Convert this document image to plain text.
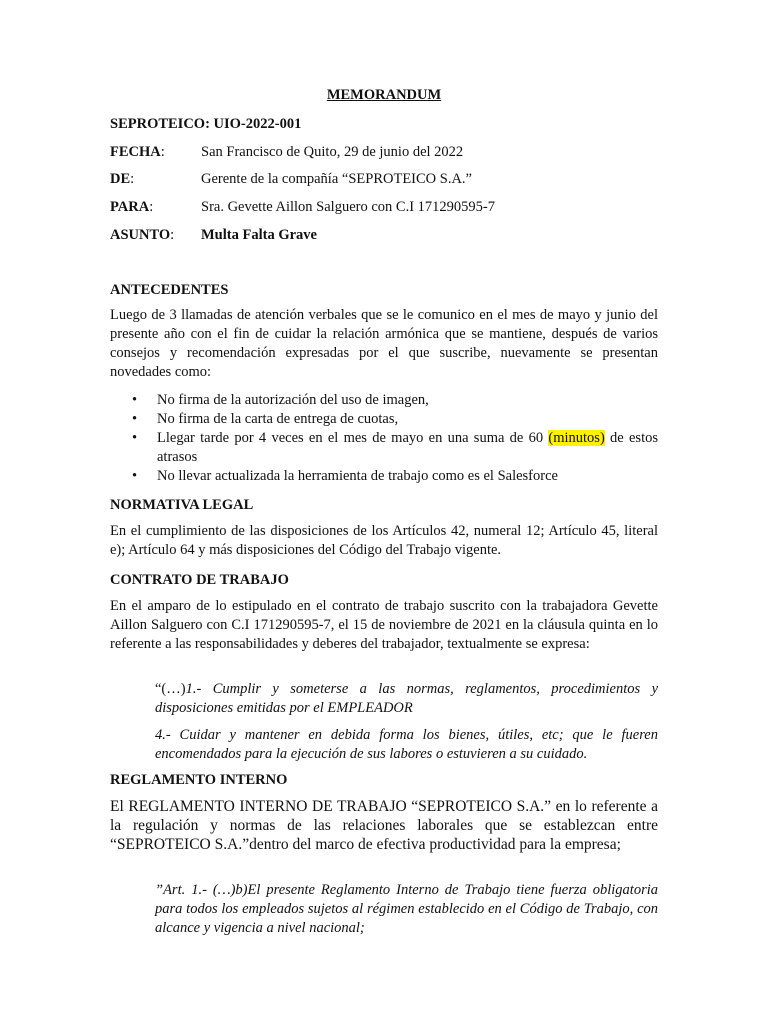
MEMORANDUM
SEPROTEICO: UIO-2022-001
FECHA: San Francisco de Quito, 29 de junio del 2022
DE:	Gerente de la compañía “SEPROTEICO S.A.”
PARA:	Sra. Gevette Aillon Salguero con C.I 171290595-7
ASUNTO: Multa Falta Grave
ANTECEDENTES
Luego de 3 llamadas de atención verbales que se le comunico en el mes de mayo y junio del presente año con el fin de cuidar la relación armónica que se mantiene, después de varios consejos y recomendación expresadas por el que suscribe, nuevamente se presentan novedades como:
• No firma de la autorización del uso de imagen,
• No firma de la carta de entrega de cuotas,
• Llegar tarde por 4 veces en el mes de mayo en una suma de 60 (minutos) de estos atrasos
• No llevar actualizada la herramienta de trabajo como es el Salesforce
NORMATIVA LEGAL
En el cumplimiento de las disposiciones de los Artículos 42, numeral 12; Artículo 45, literal e); Artículo 64 y más disposiciones del Código del Trabajo vigente.
CONTRATO DE TRABAJO
En el amparo de lo estipulado en el contrato de trabajo suscrito con la trabajadora Gevette Aillon Salguero con C.I 171290595-7, el 15 de noviembre de 2021 en la cláusula quinta en lo referente a las responsabilidades y deberes del trabajador, textualmente se expresa:
“(…)1.- Cumplir y someterse a las normas, reglamentos, procedimientos y disposiciones emitidas por el EMPLEADOR
4.- Cuidar y mantener en debida forma los bienes, útiles, etc; que le fueren encomendados para la ejecución de sus labores o estuvieren a su cuidado.
REGLAMENTO INTERNO
El REGLAMENTO INTERNO DE TRABAJO “SEPROTEICO S.A.” en lo referente a
la regulación y normas de las relaciones laborales que se establezcan entre
“SEPROTEICO S.A.”dentro del marco de efectiva productividad para la empresa;
”Art. 1.- (…)b)El presente Reglamento Interno de Trabajo tiene fuerza obligatoria para todos los empleados sujetos al régimen establecido en el Código de Trabajo, con alcance y vigencia a nivel nacional;
